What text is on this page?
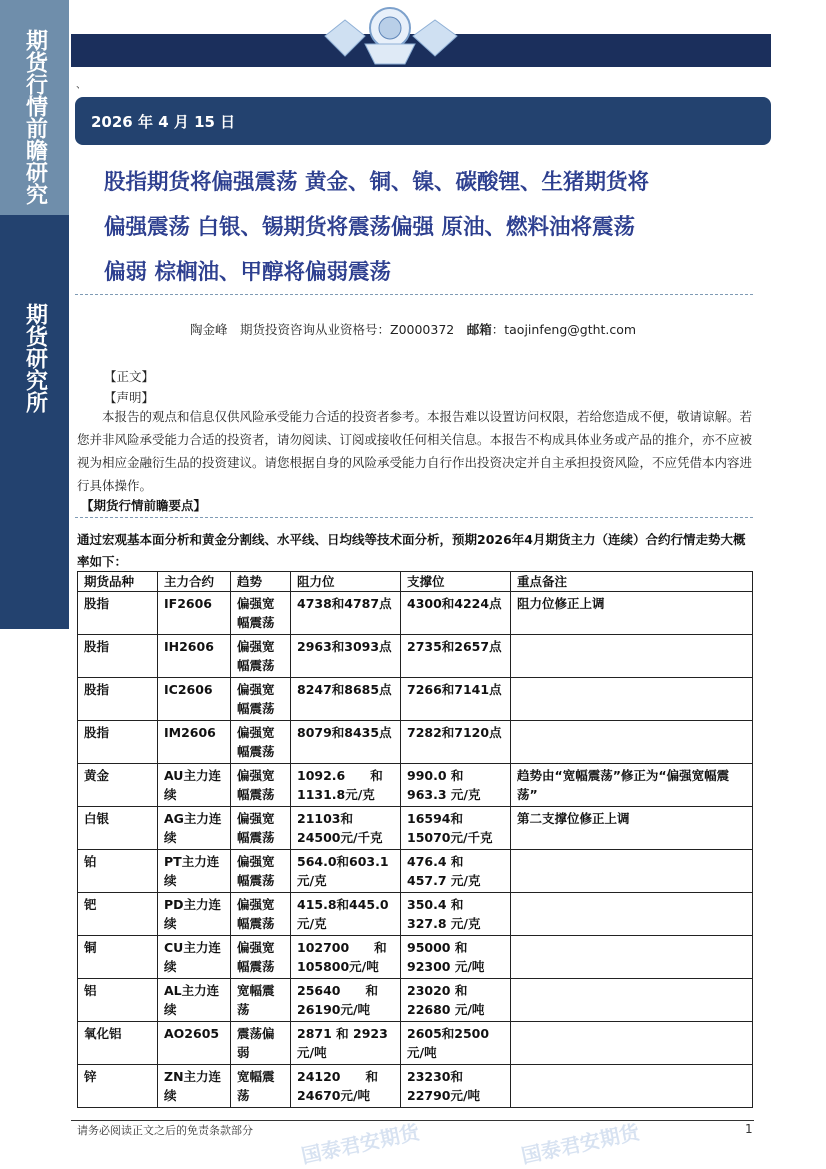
期货行情前瞻研究
期货研究所
、
2026 年 4 月 15 日
股指期货将偏强震荡 黄金、铜、镍、碳酸锂、生猪期货将
偏强震荡 白银、锡期货将震荡偏强 原油、燃料油将震荡
偏弱 棕榈油、甲醇将偏弱震荡
陶金峰　期货投资咨询从业资格号：Z0000372　邮箱：taojinfeng@gtht.com
【正文】
【声明】
本报告的观点和信息仅供风险承受能力合适的投资者参考。本报告难以设置访问权限，若给您造成不便，敬请谅解。若您并非风险承受能力合适的投资者，请勿阅读、订阅或接收任何相关信息。本报告不构成具体业务或产品的推介，亦不应被视为相应金融衍生品的投资建议。请您根据自身的风险承受能力自行作出投资决定并自主承担投资风险，不应凭借本内容进行具体操作。
【期货行情前瞻要点】
通过宏观基本面分析和黄金分割线、水平线、日均线等技术面分析，预期2026年4月期货主力（连续）合约行情走势大概率如下：
期货品种	主力合约	趋势	阻力位	支撑位	重点备注
股指	IF2606	偏强宽幅震荡	4738和4787点	4300和4224点	阻力位修正上调
股指	IH2606	偏强宽幅震荡	2963和3093点	2735和2657点	
股指	IC2606	偏强宽幅震荡	8247和8685点	7266和7141点	
股指	IM2606	偏强宽幅震荡	8079和8435点	7282和7120点	
黄金	AU主力连续	偏强宽幅震荡	1092.6　　和 1131.8元/克	990.0 和 963.3 元/克	趋势由“宽幅震荡”修正为“偏强宽幅震荡”
白银	AG主力连续	偏强宽幅震荡	21103和24500元/千克	16594和15070元/千克	第二支撑位修正上调
铂	PT主力连续	偏强宽幅震荡	564.0和603.1元/克	476.4 和 457.7 元/克	
钯	PD主力连续	偏强宽幅震荡	415.8和445.0元/克	350.4 和 327.8 元/克	
铜	CU主力连续	偏强宽幅震荡	102700　　和 105800元/吨	95000 和 92300 元/吨	
铝	AL主力连续	宽幅震荡	25640　　和 26190元/吨	23020 和 22680 元/吨	
氧化铝	AO2605	震荡偏弱	2871 和 2923 元/吨	2605和2500元/吨	
锌	ZN主力连续	宽幅震荡	24120　　和 24670元/吨	23230和22790元/吨	
请务必阅读正文之后的免责条款部分	1
国泰君安期货	国泰君安期货
